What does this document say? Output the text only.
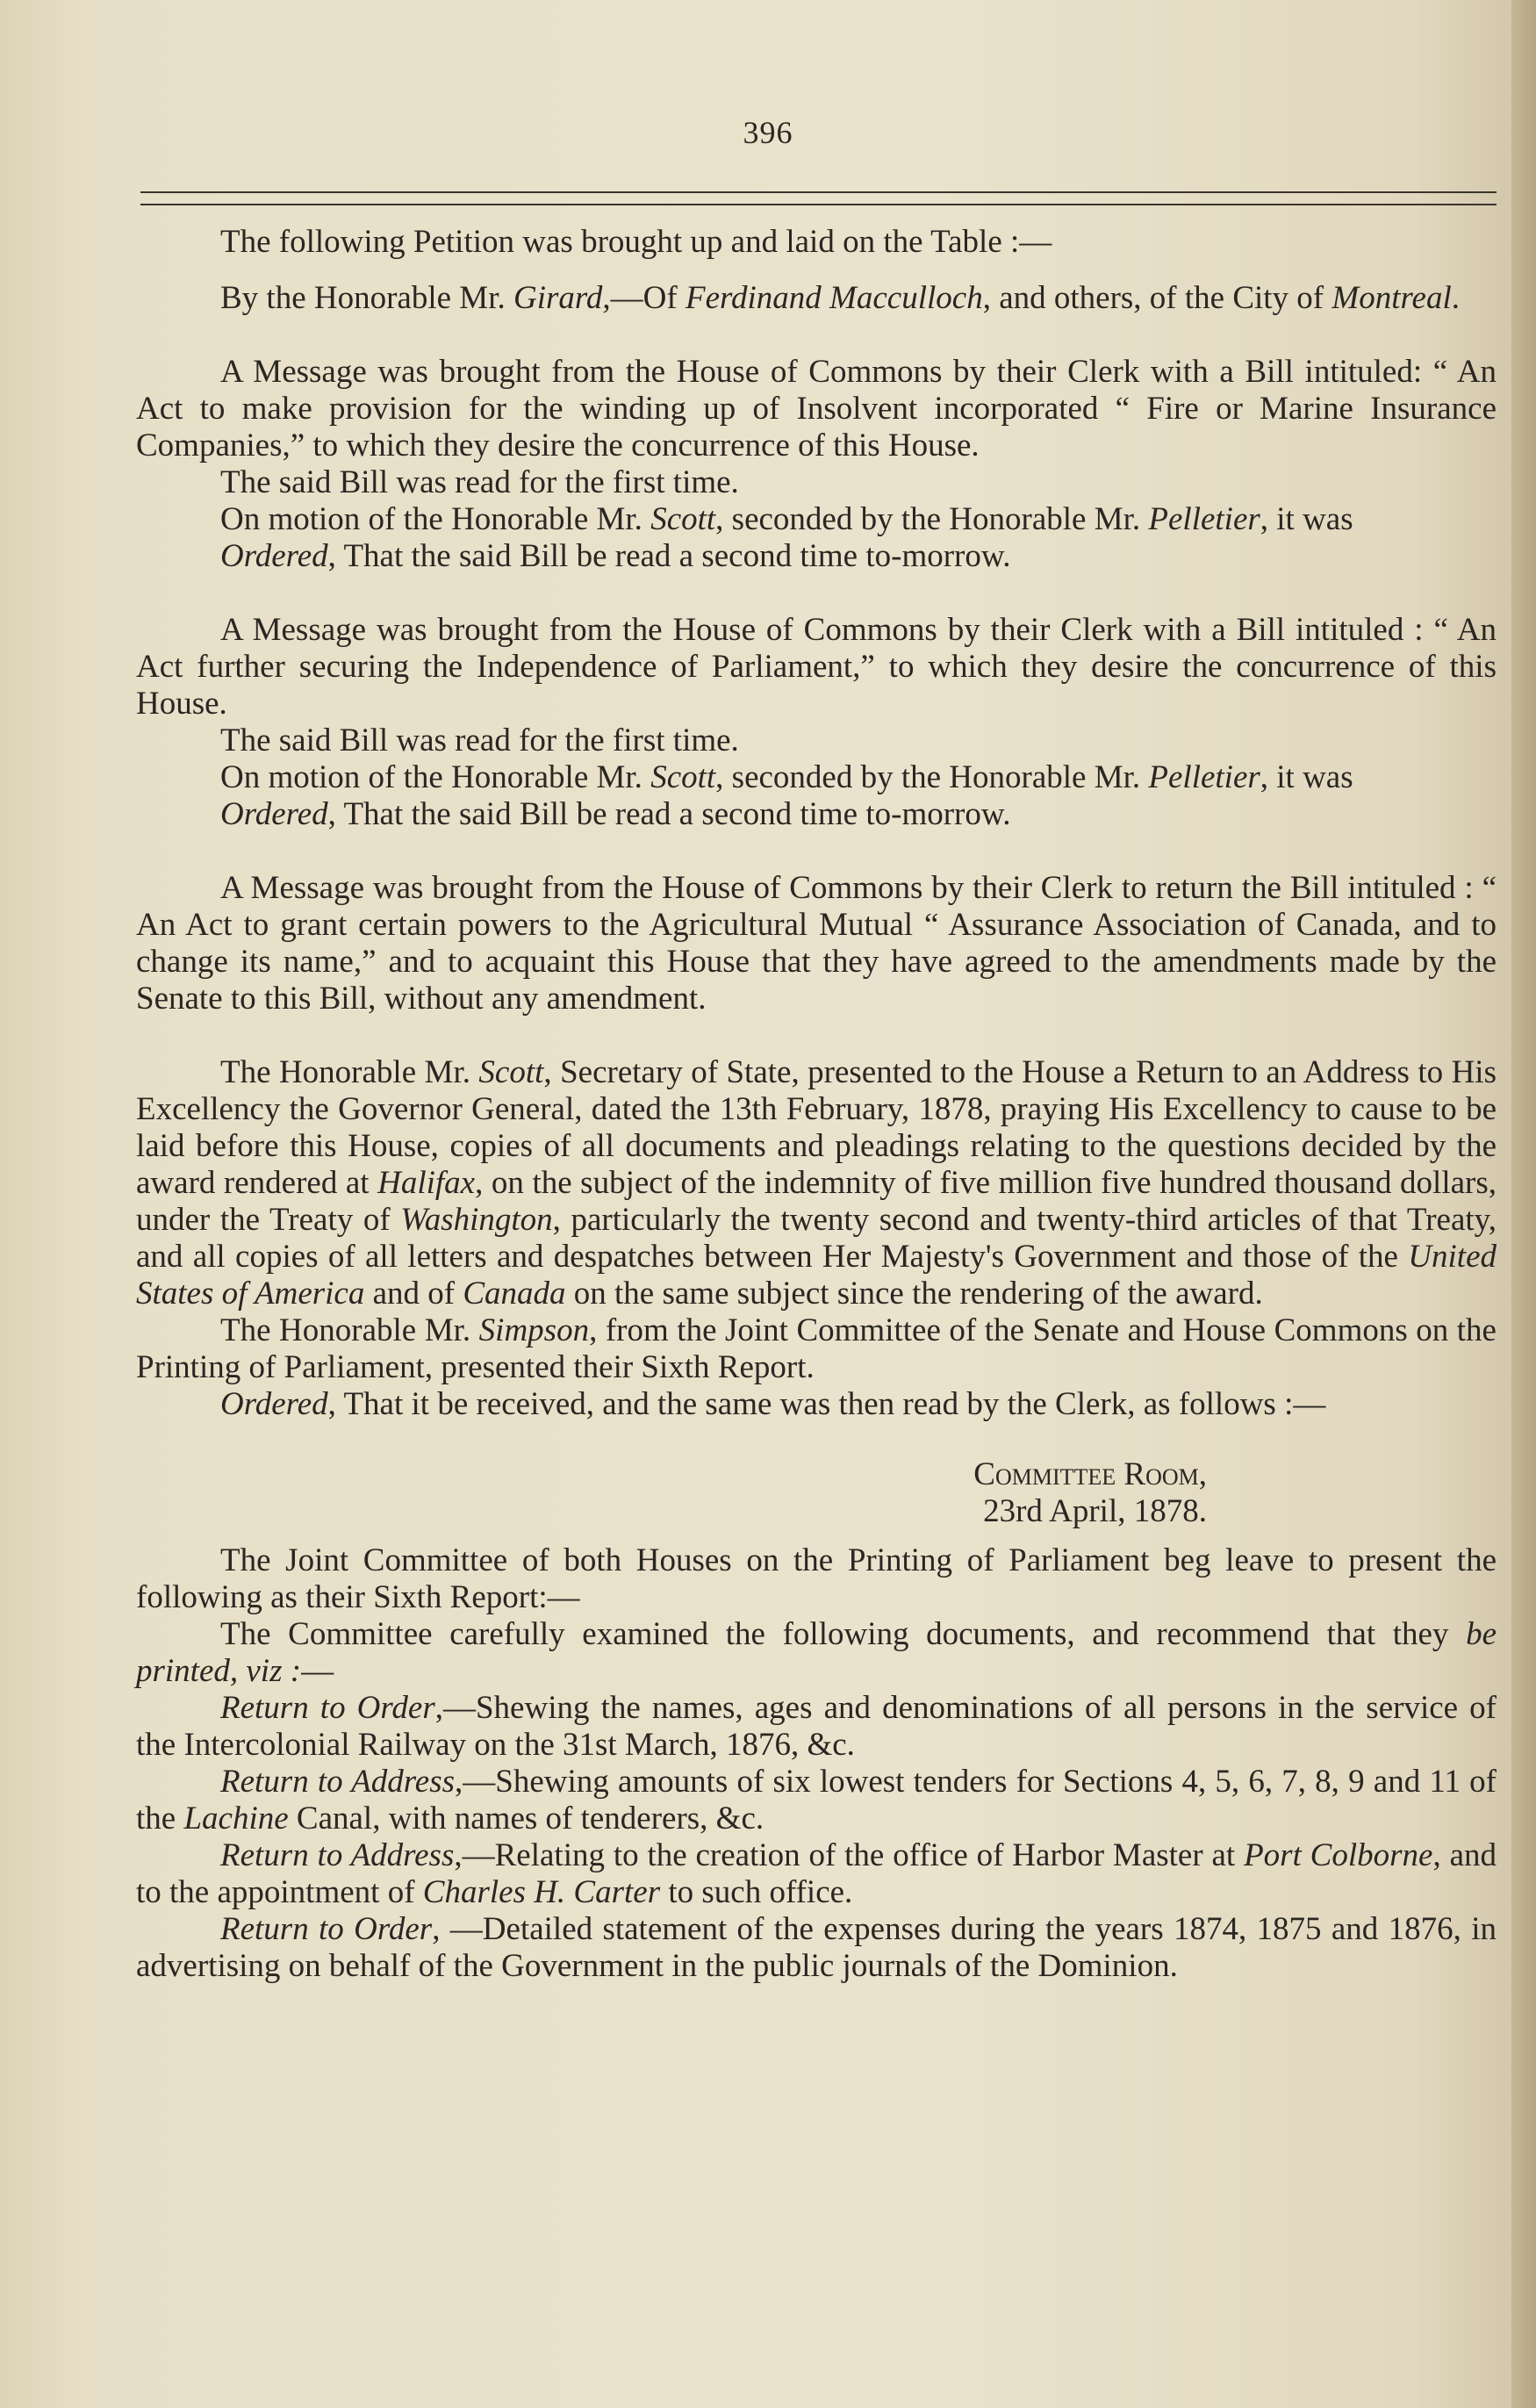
396

The following Petition was brought up and laid on the Table :—

By the Honorable Mr. Girard,—Of Ferdinand Macculloch, and others, of the City of Montreal.

A Message was brought from the House of Commons by their Clerk with a Bill intituled: “ An Act to make provision for the winding up of Insolvent incorporated “ Fire or Marine Insurance Companies,” to which they desire the concurrence of this House.

The said Bill was read for the first time.

On motion of the Honorable Mr. Scott, seconded by the Honorable Mr. Pelletier, it was

Ordered, That the said Bill be read a second time to-morrow.

A Message was brought from the House of Commons by their Clerk with a Bill intituled : “ An Act further securing the Independence of Parliament,” to which they desire the concurrence of this House.

The said Bill was read for the first time.

On motion of the Honorable Mr. Scott, seconded by the Honorable Mr. Pelletier, it was

Ordered, That the said Bill be read a second time to-morrow.

A Message was brought from the House of Commons by their Clerk to return the Bill intituled : “ An Act to grant certain powers to the Agricultural Mutual “ Assurance Association of Canada, and to change its name,” and to acquaint this House that they have agreed to the amendments made by the Senate to this Bill, without any amendment.

The Honorable Mr. Scott, Secretary of State, presented to the House a Return to an Address to His Excellency the Governor General, dated the 13th February, 1878, praying His Excellency to cause to be laid before this House, copies of all documents and pleadings relating to the questions decided by the award rendered at Halifax, on the subject of the indemnity of five million five hundred thousand dollars, under the Treaty of Washington, particularly the twenty second and twenty-third articles of that Treaty, and all copies of all letters and despatches between Her Majesty's Government and those of the United States of America and of Canada on the same subject since the rendering of the award.

The Honorable Mr. Simpson, from the Joint Committee of the Senate and House Commons on the Printing of Parliament, presented their Sixth Report.

Ordered, That it be received, and the same was then read by the Clerk, as follows :—

Committee Room,

23rd April, 1878.

The Joint Committee of both Houses on the Printing of Parliament beg leave to present the following as their Sixth Report:—

The Committee carefully examined the following documents, and recommend that they be printed, viz :—

Return to Order,—Shewing the names, ages and denominations of all persons in the service of the Intercolonial Railway on the 31st March, 1876, &c.

Return to Address,—Shewing amounts of six lowest tenders for Sections 4, 5, 6, 7, 8, 9 and 11 of the Lachine Canal, with names of tenderers, &c.

Return to Address,—Relating to the creation of the office of Harbor Master at Port Colborne, and to the appointment of Charles H. Carter to such office.

Return to Order, —Detailed statement of the expenses during the years 1874, 1875 and 1876, in advertising on behalf of the Government in the public journals of the Dominion.
